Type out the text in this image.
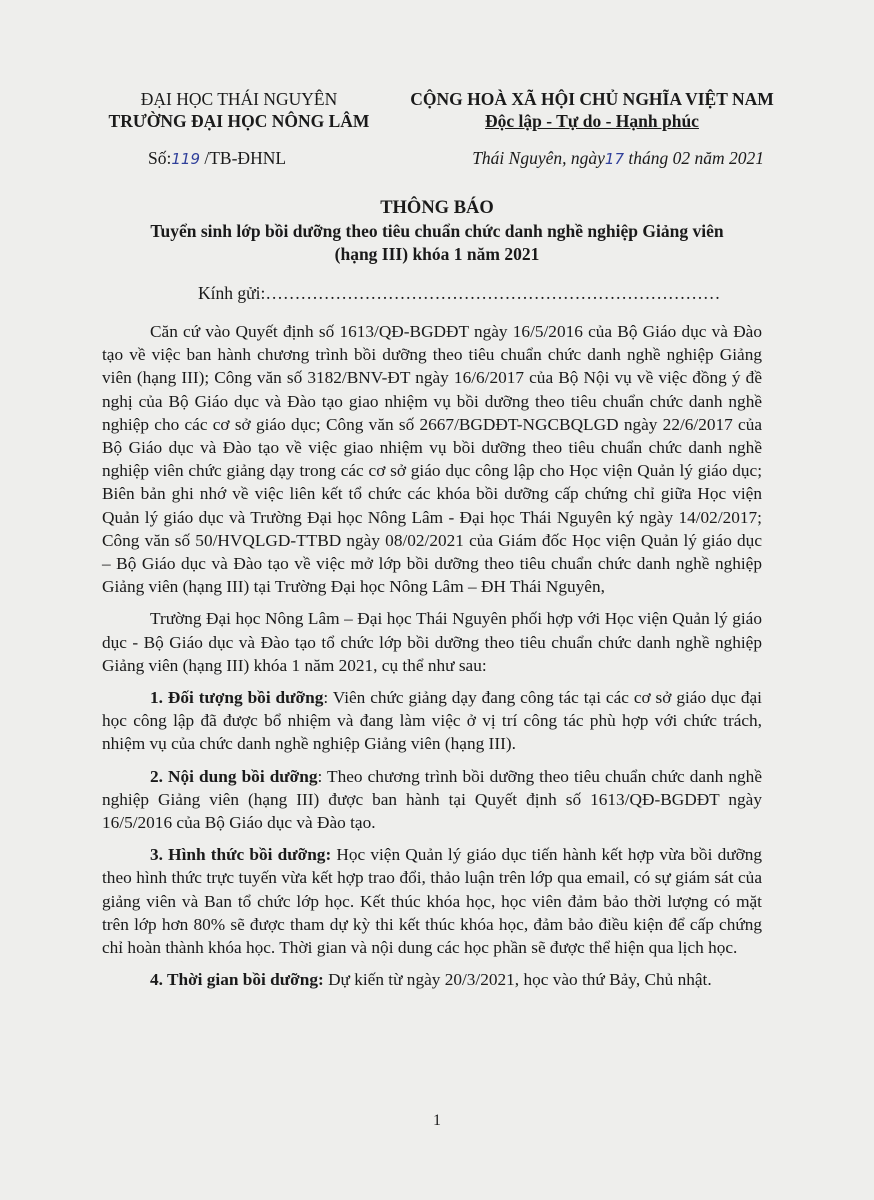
ĐẠI HỌC THÁI NGUYÊN
TRƯỜNG ĐẠI HỌC NÔNG LÂM
CỘNG HOÀ XÃ HỘI CHỦ NGHĨA VIỆT NAM
Độc lập - Tự do - Hạnh phúc
Số:119 /TB-ĐHNL	Thái Nguyên, ngày17 tháng 02 năm 2021
THÔNG BÁO
Tuyển sinh lớp bồi dưỡng theo tiêu chuẩn chức danh nghề nghiệp Giảng viên
(hạng III) khóa 1 năm 2021
Kính gửi:……………………………………………………………………

Căn cứ vào Quyết định số 1613/QĐ-BGDĐT ngày 16/5/2016 của Bộ Giáo dục và Đào tạo về việc ban hành chương trình bồi dưỡng theo tiêu chuẩn chức danh nghề nghiệp Giảng viên (hạng III); Công văn số 3182/BNV-ĐT ngày 16/6/2017 của Bộ Nội vụ về việc đồng ý đề nghị của Bộ Giáo dục và Đào tạo giao nhiệm vụ bồi dưỡng theo tiêu chuẩn chức danh nghề nghiệp cho các cơ sở giáo dục; Công văn số 2667/BGDĐT-NGCBQLGD ngày 22/6/2017 của Bộ Giáo dục và Đào tạo về việc giao nhiệm vụ bồi dưỡng theo tiêu chuẩn chức danh nghề nghiệp viên chức giảng dạy trong các cơ sở giáo dục công lập cho Học viện Quản lý giáo dục; Biên bản ghi nhớ về việc liên kết tổ chức các khóa bồi dưỡng cấp chứng chỉ giữa Học viện Quản lý giáo dục và Trường Đại học Nông Lâm - Đại học Thái Nguyên ký ngày 14/02/2017; Công văn số 50/HVQLGD-TTBD ngày 08/02/2021 của Giám đốc Học viện Quản lý giáo dục – Bộ Giáo dục và Đào tạo về việc mở lớp bồi dưỡng theo tiêu chuẩn chức danh nghề nghiệp Giảng viên (hạng III) tại Trường Đại học Nông Lâm – ĐH Thái Nguyên,

Trường Đại học Nông Lâm – Đại học Thái Nguyên phối hợp với Học viện Quản lý giáo dục - Bộ Giáo dục và Đào tạo tổ chức lớp bồi dưỡng theo tiêu chuẩn chức danh nghề nghiệp Giảng viên (hạng III) khóa 1 năm 2021, cụ thể như sau:

1. Đối tượng bồi dưỡng: Viên chức giảng dạy đang công tác tại các cơ sở giáo dục đại học công lập đã được bổ nhiệm và đang làm việc ở vị trí công tác phù hợp với chức trách, nhiệm vụ của chức danh nghề nghiệp Giảng viên (hạng III).

2. Nội dung bồi dưỡng: Theo chương trình bồi dưỡng theo tiêu chuẩn chức danh nghề nghiệp Giảng viên (hạng III) được ban hành tại Quyết định số 1613/QĐ-BGDĐT ngày 16/5/2016 của Bộ Giáo dục và Đào tạo.

3. Hình thức bồi dưỡng: Học viện Quản lý giáo dục tiến hành kết hợp vừa bồi dưỡng theo hình thức trực tuyến vừa kết hợp trao đổi, thảo luận trên lớp qua email, có sự giám sát của giảng viên và Ban tổ chức lớp học. Kết thúc khóa học, học viên đảm bảo thời lượng có mặt trên lớp hơn 80% sẽ được tham dự kỳ thi kết thúc khóa học, đảm bảo điều kiện để cấp chứng chỉ hoàn thành khóa học. Thời gian và nội dung các học phần sẽ được thể hiện qua lịch học.

4. Thời gian bồi dưỡng: Dự kiến từ ngày 20/3/2021, học vào thứ Bảy, Chủ nhật.

1
